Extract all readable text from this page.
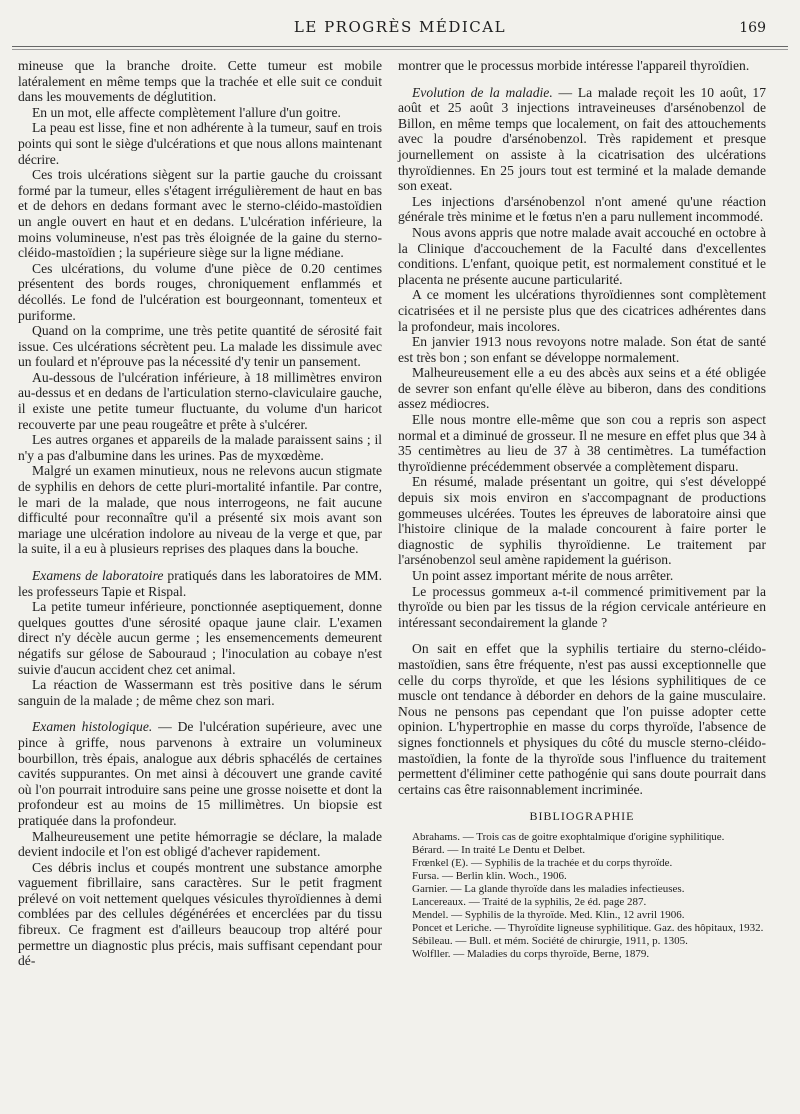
LE PROGRÈS MÉDICAL	169

mineuse que la branche droite. Cette tumeur est mobile latéralement en même temps que la trachée et elle suit ce conduit dans les mouvements de déglutition.

En un mot, elle affecte complètement l'allure d'un goitre.

La peau est lisse, fine et non adhérente à la tumeur, sauf en trois points qui sont le siège d'ulcérations et que nous allons maintenant décrire.

Ces trois ulcérations siègent sur la partie gauche du croissant formé par la tumeur, elles s'étagent irrégulièrement de haut en bas et de dehors en dedans formant avec le sterno-cléido-mastoïdien un angle ouvert en haut et en dedans. L'ulcération inférieure, la moins volumineuse, n'est pas très éloignée de la gaine du sterno-cléido-mastoïdien ; la supérieure siège sur la ligne médiane.

Ces ulcérations, du volume d'une pièce de 0.20 centimes présentent des bords rouges, chroniquement enflammés et décollés. Le fond de l'ulcération est bourgeonnant, tomenteux et puriforme.

Quand on la comprime, une très petite quantité de sérosité fait issue. Ces ulcérations sécrètent peu. La malade les dissimule avec un foulard et n'éprouve pas la nécessité d'y tenir un pansement.

Au-dessous de l'ulcération inférieure, à 18 millimètres environ au-dessus et en dedans de l'articulation sterno-claviculaire gauche, il existe une petite tumeur fluctuante, du volume d'un haricot recouverte par une peau rougeâtre et prête à s'ulcérer.

Les autres organes et appareils de la malade paraissent sains ; il n'y a pas d'albumine dans les urines. Pas de myxœdème.

Malgré un examen minutieux, nous ne relevons aucun stigmate de syphilis en dehors de cette pluri-mortalité infantile. Par contre, le mari de la malade, que nous interrogeons, ne fait aucune difficulté pour reconnaître qu'il a présenté six mois avant son mariage une ulcération indolore au niveau de la verge et que, par la suite, il a eu à plusieurs reprises des plaques dans la bouche.

Examens de laboratoire pratiqués dans les laboratoires de MM. les professeurs Tapie et Rispal.

La petite tumeur inférieure, ponctionnée aseptiquement, donne quelques gouttes d'une sérosité opaque jaune clair. L'examen direct n'y décèle aucun germe ; les ensemencements demeurent négatifs sur gélose de Sabouraud ; l'inoculation au cobaye n'est suivie d'aucun accident chez cet animal.

La réaction de Wassermann est très positive dans le sérum sanguin de la malade ; de même chez son mari.

Examen histologique. — De l'ulcération supérieure, avec une pince à griffe, nous parvenons à extraire un volumineux bourbillon, très épais, analogue aux débris sphacélés de certaines cavités suppurantes. On met ainsi à découvert une grande cavité où l'on pourrait introduire sans peine une grosse noisette et dont la profondeur est au moins de 15 millimètres. Un biopsie est pratiquée dans la profondeur.

Malheureusement une petite hémorragie se déclare, la malade devient indocile et l'on est obligé d'achever rapidement.

Ces débris inclus et coupés montrent une substance amorphe vaguement fibrillaire, sans caractères. Sur le petit fragment prélevé on voit nettement quelques vésicules thyroïdiennes à demi comblées par des cellules dégénérées et encerclées par du tissu fibreux. Ce fragment est d'ailleurs beaucoup trop altéré pour permettre un diagnostic plus précis, mais suffisant cependant pour dé-

montrer que le processus morbide intéresse l'appareil thyroïdien.

Evolution de la maladie. — La malade reçoit les 10 août, 17 août et 25 août 3 injections intraveineuses d'arsénobenzol de Billon, en même temps que localement, on fait des attouchements avec la poudre d'arsénobenzol. Très rapidement et presque journellement on assiste à la cicatrisation des ulcérations thyroïdiennes. En 25 jours tout est terminé et la malade demande son exeat.

Les injections d'arsénobenzol n'ont amené qu'une réaction générale très minime et le fœtus n'en a paru nullement incommodé.

Nous avons appris que notre malade avait accouché en octobre à la Clinique d'accouchement de la Faculté dans d'excellentes conditions. L'enfant, quoique petit, est normalement constitué et le placenta ne présente aucune particularité.

A ce moment les ulcérations thyroïdiennes sont complètement cicatrisées et il ne persiste plus que des cicatrices adhérentes dans la profondeur, mais incolores.

En janvier 1913 nous revoyons notre malade. Son état de santé est très bon ; son enfant se développe normalement.

Malheureusement elle a eu des abcès aux seins et a été obligée de sevrer son enfant qu'elle élève au biberon, dans des conditions assez médiocres.

Elle nous montre elle-même que son cou a repris son aspect normal et a diminué de grosseur. Il ne mesure en effet plus que 34 à 35 centimètres au lieu de 37 à 38 centimètres. La tuméfaction thyroïdienne précédemment observée a complètement disparu.

En résumé, malade présentant un goitre, qui s'est développé depuis six mois environ en s'accompagnant de productions gommeuses ulcérées. Toutes les épreuves de laboratoire ainsi que l'histoire clinique de la malade concourent à faire porter le diagnostic de syphilis thyroïdienne. Le traitement par l'arsénobenzol seul amène rapidement la guérison.

Un point assez important mérite de nous arrêter.

Le processus gommeux a-t-il commencé primitivement par la thyroïde ou bien par les tissus de la région cervicale antérieure en intéressant secondairement la glande ?

On sait en effet que la syphilis tertiaire du sterno-cléido-mastoïdien, sans être fréquente, n'est pas aussi exceptionnelle que celle du corps thyroïde, et que les lésions syphilitiques de ce muscle ont tendance à déborder en dehors de la gaine musculaire. Nous ne pensons pas cependant que l'on puisse adopter cette opinion. L'hypertrophie en masse du corps thyroïde, l'absence de signes fonctionnels et physiques du côté du muscle sterno-cléido-mastoïdien, la fonte de la thyroïde sous l'influence du traitement permettent d'éliminer cette pathogénie qui sans doute pourrait dans certains cas être raisonnablement incriminée.

BIBLIOGRAPHIE

Abrahams. — Trois cas de goitre exophtalmique d'origine syphilitique.

Bérard. — In traité Le Dentu et Delbet.

Frœnkel (E). — Syphilis de la trachée et du corps thyroïde.

Fursa. — Berlin klin. Woch., 1906.

Garnier. — La glande thyroïde dans les maladies infectieuses.

Lancereaux. — Traité de la syphilis, 2e éd. page 287.

Mendel. — Syphilis de la thyroïde. Med. Klin., 12 avril 1906.

Poncet et Leriche. — Thyroïdite ligneuse syphilitique. Gaz. des hôpitaux, 1932.

Sébileau. — Bull. et mém. Société de chirurgie, 1911, p. 1305.

Wolfller. — Maladies du corps thyroïde, Berne, 1879.
